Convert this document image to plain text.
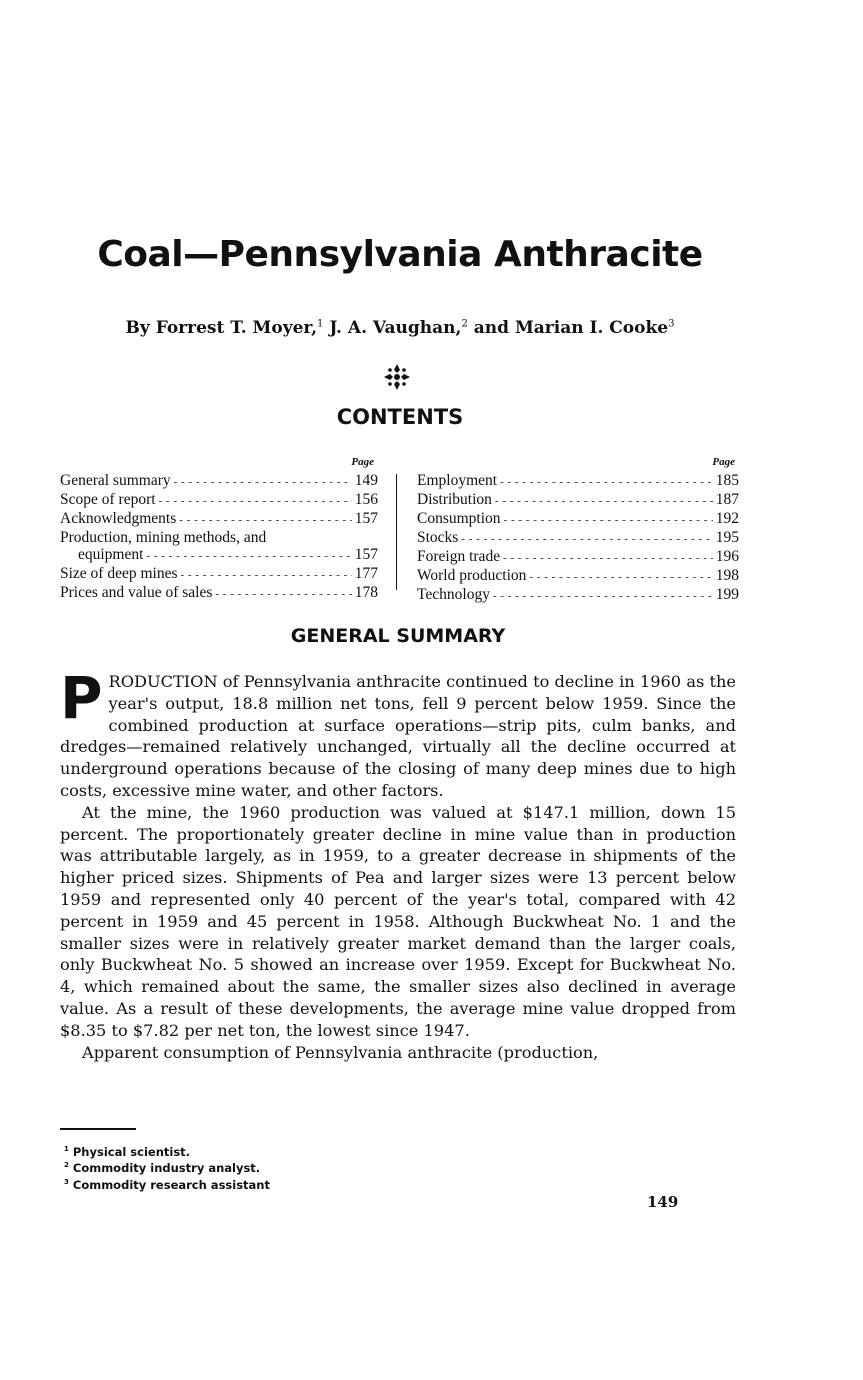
Coal—Pennsylvania Anthracite

By Forrest T. Moyer,$^1$ J. A. Vaughan,$^2$ and Marian I. Cooke$^3$

CONTENTS
Page
General summary - - -	149
Scope of report - - -	156
Acknowledgments - - -	157
Production, mining methods, and
equipment - - -	157
Size of deep mines - - -	177
Prices and value of sales - - -	178
Page
Employment - - -	185
Distribution - - -	187
Consumption - - -	192
Stocks - - -	195
Foreign trade - - -	196
World production - - -	198
Technology - - -	199
GENERAL SUMMARY

PRODUCTION of Pennsylvania anthracite continued to decline in 1960 as the year's output, 18.8 million net tons, fell 9 percent below 1959. Since the combined production at surface operations—strip pits, culm banks, and dredges—remained relatively unchanged, virtually all the decline occurred at underground operations because of the closing of many deep mines due to high costs, excessive mine water, and other factors.

At the mine, the 1960 production was valued at $147.1 million, down 15 percent. The proportionately greater decline in mine value than in production was attributable largely, as in 1959, to a greater decrease in shipments of the higher priced sizes. Shipments of Pea and larger sizes were 13 percent below 1959 and represented only 40 percent of the year's total, compared with 42 percent in 1959 and 45 percent in 1958. Although Buckwheat No. 1 and the smaller sizes were in relatively greater market demand than the larger coals, only Buckwheat No. 5 showed an increase over 1959. Except for Buckwheat No. 4, which remained about the same, the smaller sizes also declined in average value. As a result of these developments, the average mine value dropped from $8.35 to $7.82 per net ton, the lowest since 1947.

Apparent consumption of Pennsylvania anthracite (production,

$^1$ Physical scientist.
$^2$ Commodity industry analyst.
$^3$ Commodity research assistant
149
